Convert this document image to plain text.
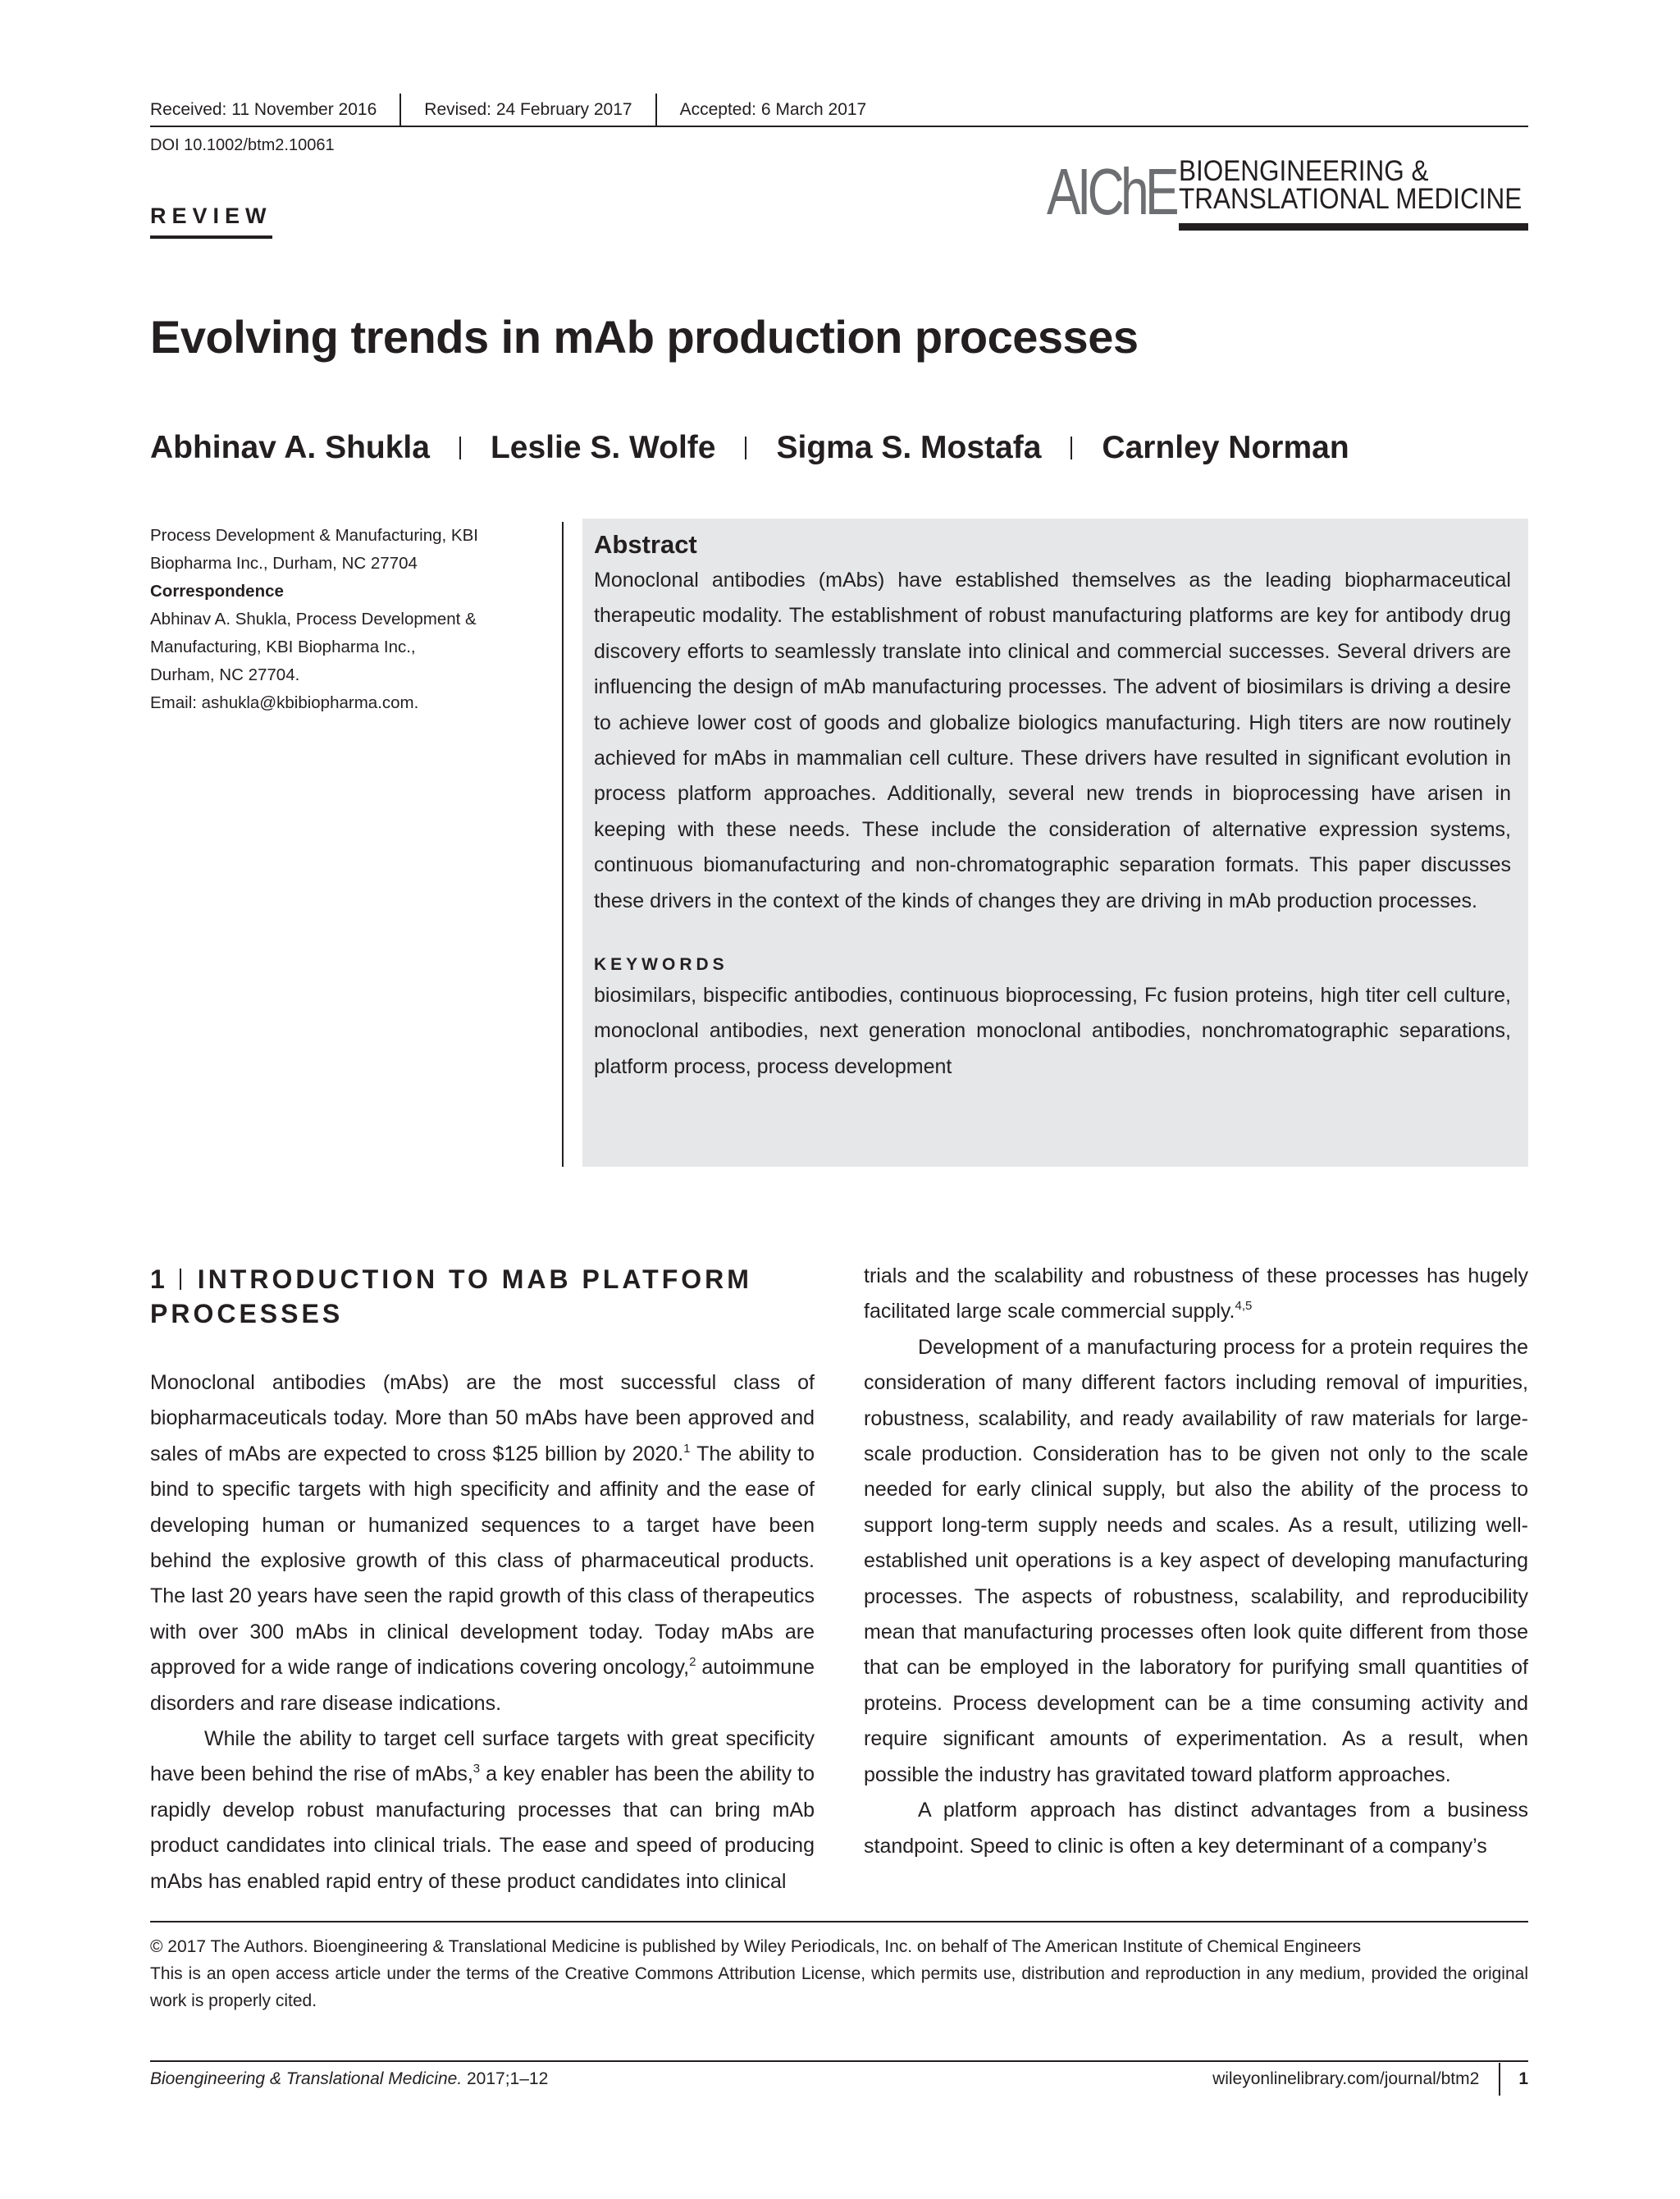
Received: 11 November 2016	Revised: 24 February 2017	Accepted: 6 March 2017
DOI 10.1002/btm2.10061
REVIEW	AIChE BIOENGINEERING &
TRANSLATIONAL MEDICINE
Evolving trends in mAb production processes
Abhinav A. Shukla Leslie S. Wolfe Sigma S. Mostafa Carnley Norman
Process Development & Manufacturing, KBI
Biopharma Inc., Durham, NC 27704
Correspondence
Abhinav A. Shukla, Process Development &
Manufacturing, KBI Biopharma Inc.,
Durham, NC 27704.
Email: ashukla@kbibiopharma.com.
Abstract

Monoclonal antibodies (mAbs) have established themselves as the leading biopharmaceutical therapeutic modality. The establishment of robust manufacturing platforms are key for antibody drug discovery efforts to seamlessly translate into clinical and commercial successes. Several drivers are influencing the design of mAb manufacturing processes. The advent of biosimilars is driving a desire to achieve lower cost of goods and globalize biologics manufacturing. High titers are now routinely achieved for mAbs in mammalian cell culture. These drivers have resulted in significant evolution in process platform approaches. Additionally, several new trends in bioprocessing have arisen in keeping with these needs. These include the consideration of alternative expression systems, continuous biomanufacturing and non-chromatographic separation formats. This paper discusses these drivers in the context of the kinds of changes they are driving in mAb production processes.

KEYWORDS

biosimilars, bispecific antibodies, continuous bioprocessing, Fc fusion proteins, high titer cell culture, monoclonal antibodies, next generation monoclonal antibodies, nonchromatographic separations, platform process, process development

1 INTRODUCTION TO MAB PLATFORM PROCESSES

Monoclonal antibodies (mAbs) are the most successful class of biopharmaceuticals today. More than 50 mAbs have been approved and sales of mAbs are expected to cross $125 billion by 2020.$^1$ The ability to bind to specific targets with high specificity and affinity and the ease of developing human or humanized sequences to a target have been behind the explosive growth of this class of pharmaceutical products. The last 20 years have seen the rapid growth of this class of therapeutics with over 300 mAbs in clinical development today. Today mAbs are approved for a wide range of indications covering oncology,$^2$ autoimmune disorders and rare disease indications.

While the ability to target cell surface targets with great specificity have been behind the rise of mAbs,$^3$ a key enabler has been the ability to rapidly develop robust manufacturing processes that can bring mAb product candidates into clinical trials. The ease and speed of producing mAbs has enabled rapid entry of these product candidates into clinical

trials and the scalability and robustness of these processes has hugely facilitated large scale commercial supply.$^{4,5}$

Development of a manufacturing process for a protein requires the consideration of many different factors including removal of impurities, robustness, scalability, and ready availability of raw materials for large-scale production. Consideration has to be given not only to the scale needed for early clinical supply, but also the ability of the process to support long-term supply needs and scales. As a result, utilizing well-established unit operations is a key aspect of developing manufacturing processes. The aspects of robustness, scalability, and reproducibility mean that manufacturing processes often look quite different from those that can be employed in the laboratory for purifying small quantities of proteins. Process development can be a time consuming activity and require significant amounts of experimentation. As a result, when possible the industry has gravitated toward platform approaches.

A platform approach has distinct advantages from a business standpoint. Speed to clinic is often a key determinant of a company’s

© 2017 The Authors. Bioengineering & Translational Medicine is published by Wiley Periodicals, Inc. on behalf of The American Institute of Chemical Engineers
This is an open access article under the terms of the Creative Commons Attribution License, which permits use, distribution and reproduction in any medium, provided the original work is properly cited.
Bioengineering & Translational Medicine. 2017;1–12	wileyonlinelibrary.com/journal/btm2 1
